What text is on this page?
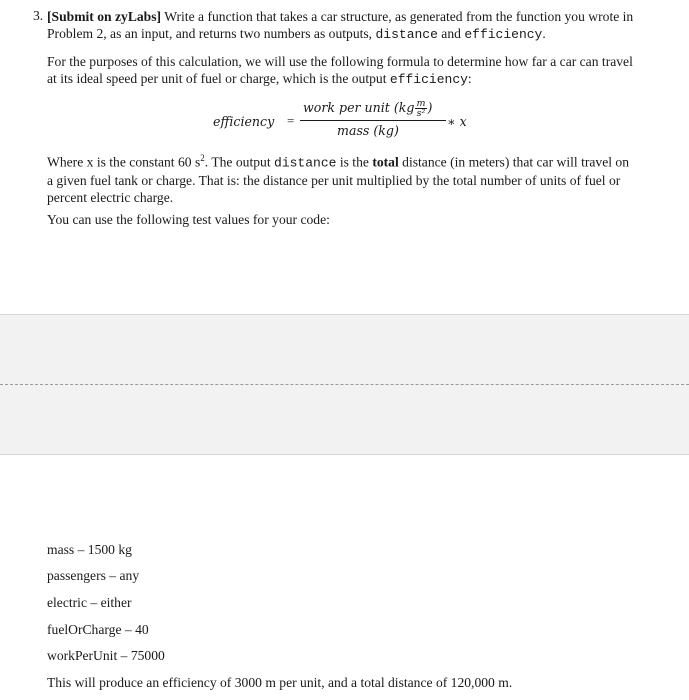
3. [Submit on zyLabs] Write a function that takes a car structure, as generated from the function you wrote in Problem 2, as an input, and returns two numbers as outputs, distance and efficiency.
For the purposes of this calculation, we will use the following formula to determine how far a car can travel at its ideal speed per unit of fuel or charge, which is the output efficiency:
efficiency =
work per unit ($kg \frac{m}{\text{s²}}$ )
mass (kg)
∗ x
Where x is the constant 60 $s^2$. The output distance is the total distance (in meters) that car will travel on a given fuel tank or charge. That is: the distance per unit multiplied by the total number of units of fuel or percent electric charge.
You can use the following test values for your code:
mass – 1500 kg
passengers – any
electric – either
fuelOrCharge – 40
workPerUnit – 75000
This will produce an efficiency of 3000 m per unit, and a total distance of 120,000 m.
